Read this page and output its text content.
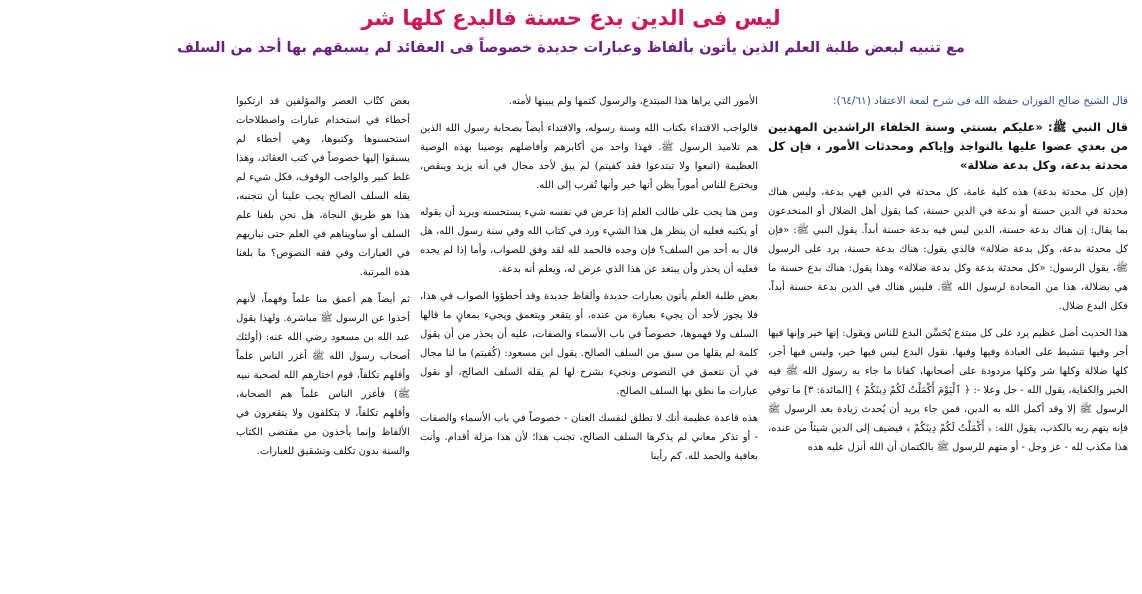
ليس فى الدين بدع حسنة فالبدع كلها شر
مع تنبيه لبعض طلبة العلم الذين يأتون بألفاظ وعبارات جديدة خصوصاً فى العقائد لم يسبقهم بها أحد من السلف
قال الشيخ صالح الفوزان حفظه الله فى شرح لمعة الاعتقاد (٦٤/٦١):
قال النبي ﷺ: «عليكم بسنتي وسنة الخلفاء الراشدين المهديين من بعدي عضوا عليها بالنواجذ وإياكم ومحدثات الأمور ، فإن كل محدثة بدعة، وكل بدعة ضلالة»

(فإن كل محدثة بدعة) هذه كلية عامة، كل محدثة في الدين فهي بدعة، وليس هناك محدثة في الدين حسنة أو بدعة في الدين حسنة، كما يقول أهل الضلال أو المنخدعون بما يقال: إن هناك بدعة حسنة، الدين ليس فيه بدعة حسنة أبداً. يقول النبي ﷺ: «فإن كل محدثة بدعة، وكل بدعة ضلالة» فالذي يقول: هناك بدعة حسنة، يرد على الرسول ﷺ، يقول الرسول: «كل محدثة بدعة وكل بدعة ضلالة» وهذا يقول: هناك بدع حسنة ما هي بضلالة، هذا من المحادة لرسول الله ﷺ. فليس هناك في الدين بدعة حسنة أبداً، فكل البدع ضلال.

هذا الحديث أصل عظيم يرد على كل مبتدع يُحَسِّن البدع للناس ويقول: إنها خير وإنها فيها أجر وفيها تنشيط على العبادة وفيها وفيها. نقول البدع ليس فيها خير، وليس فيها أجر، كلها ضلالة وكلها شر وكلها مردودة على أصحابها، كفانا ما جاء به رسول الله ﷺ فيه الخير والكفاية، يقول الله - جل وعلا -: ﴿ ٱلْيَوْمَ أَكْمَلْتُ لَكُمْ دِينَكُمْ ﴾ [المائدة: ٣] ما توفي الرسول ﷺ إلا وقد أكمل الله به الدين، فمن جاء يريد أن يُحدث زيادة بعد الرسول ﷺ فإنه يتهم ربه بالكذب، يقول الله: ﴿ أَكْمَلْتُ لَكُمْ دِينَكُمْ ﴾ فيضيف إلى الدين شيئاً من عنده، هذا مكذب لله - عز وجل - أو متهم للرسول ﷺ بالكتمان أن الله أنزل عليه هذه

الأمور التي يراها هذا المبتدع، والرسول كتمها ولم يبينها لأمته.

فالواجب الاقتداء بكتاب الله وسنة رسوله، والاقتداء أيضاً بصحابة رسول الله الذين هم تلاميذ الرسول ﷺ. فهذا واحد من أكابرهم وأفاضلهم يوصينا بهذه الوصية العظيمة (اتبعوا ولا تبتدعوا فقد كفيتم) لم يبق لأحد مجال في أنه يزيد وينقص، ويخترع للناس أموراً يظن أنها خير وأنها تُقرب إلى الله.

ومن هنا يجب على طالب العلم إذا عرض في نفسه شيء يستحسنه ويريد أن يقوله أو يكتبه فعليه أن ينظر هل هذا الشيء ورد في كتاب الله وفي سنة رسول الله، هل قال به أحد من السلف؟ فإن وجده فالحمد لله لقد وفق للصواب، وأما إذا لم يجده فعليه أن يحذر وأن يبتعد عن هذا الذي عرض له، ويعلم أنه بدعة.

بعض طلبة العلم يأتون بعبارات جديدة وألفاظ جديدة وقد أخطؤوا الصواب في هذا، فلا يجوز لأحد أن يجيء بعبارة من عنده، أو يتقعر ويتعمق ويجيء بمعانٍ ما قالها السلف ولا فهموها، خصوصاً في باب الأسماء والصفات، عليه أن يحذر من أن يقول كلمة لم يقلها من سبق من السلف الصالح. يقول ابن مسعود: (كُفيتم) ما لنا مجال في أن نتعمق في النصوص ونجيء بشرح لها لم يقله السلف الصالح، أو نقول عبارات ما نطق بها السلف الصالح.

هذه قاعدة عظيمة أنك لا تطلق لنفسك العنان - خصوصاً في باب الأسماء والصفات - أو تذكر معاني لم يذكرها السلف الصالح، تجنب هذا؛ لأن هذا مزلة أقدام. وأنت بعافية والحمد لله. كم رأينا

بعض كتّاب العصر والمؤلفين قد ارتكبوا أخطاء في استخدام عبارات واصطلاحات استحسنوها وكتبوها، وهي أخطاء لم يسبقوا إليها خصوصاً في كتب العقائد، وهذا غلط كبير والواجب الوقوف، فكل شيء لم يقله السلف الصالح يجب علينا أن نتجنبه، هذا هو طريق النجاة، هل نحن بلغنا علم السلف أو ساويناهم في العلم حتى نباريهم في العبارات وفي فقه النصوص؟ ما بلغنا هذه المرتبة.

ثم أيضاً هم أعمق منا علماً وفهماً، لأنهم أخذوا عن الرسول ﷺ مباشرة. ولهذا يقول عبد الله بن مسعود رضي الله عنه: (أولئك أصحاب رسول الله ﷺ أغزر الناس علماً وأقلهم تكلفاً، قوم اختارهم الله لصحبة نبيه ﷺ) فأغزر الناس علماً هم الصحابة، وأقلهم تكلفاً، لا يتكلفون ولا يتقعرون في الألفاظ وإنما يأخذون من مقتضى الكتاب والسنة بدون تكلف وتشقيق للعبارات.
